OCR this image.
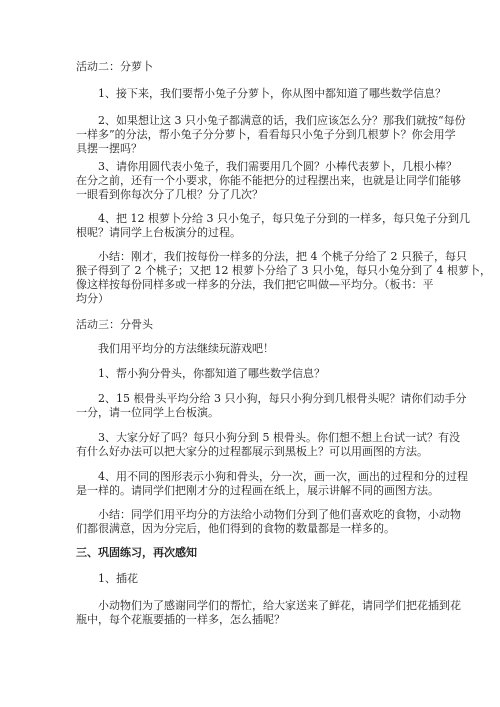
活动二：分萝卜
1、接下来，我们要帮小兔子分萝卜，你从图中都知道了哪些数学信息？
2、如果想让这 3 只小兔子都满意的话，我们应该怎么分？那我们就按“每份
一样多”的分法，帮小兔子分分萝卜，看看每只小兔子分到几根萝卜？你会用学
具摆一摆吗？
3、请你用圆代表小兔子，我们需要用几个圆？小棒代表萝卜，几根小棒？
在分之前，还有一个小要求，你能不能把分的过程摆出来，也就是让同学们能够
一眼看到你每次分了几根？分了几次？
4、把 12 根萝卜分给 3 只小兔子，每只兔子分到的一样多，每只兔子分到几
根呢？请同学上台板演分的过程。
小结：刚才，我们按每份一样多的分法，把 4 个桃子分给了 2 只猴子，每只
猴子得到了 2 个桃子；又把 12 根萝卜分给了 3 只小兔，每只小兔分到了 4 根萝卜，
像这样按每份同样多或一样多的分法，我们把它叫做—平均分。（板书：平
均分）
活动三：分骨头
我们用平均分的方法继续玩游戏吧！
1、帮小狗分骨头，你都知道了哪些数学信息？
2、15 根骨头平均分给 3 只小狗，每只小狗分到几根骨头呢？请你们动手分
一分，请一位同学上台板演。
3、大家分好了吗？每只小狗分到 5 根骨头。你们想不想上台试一试？有没
有什么好办法可以把大家分的过程都展示到黑板上？可以用画图的方法。
4、用不同的图形表示小狗和骨头，分一次，画一次，画出的过程和分的过程
是一样的。请同学们把刚才分的过程画在纸上，展示讲解不同的画图方法。
小结：同学们用平均分的方法给小动物们分到了他们喜欢吃的食物，小动物
们都很满意，因为分完后，他们得到的食物的数量都是一样多的。
三、巩固练习，再次感知
1、插花
小动物们为了感谢同学们的帮忙，给大家送来了鲜花，请同学们把花插到花
瓶中，每个花瓶要插的一样多，怎么插呢？
